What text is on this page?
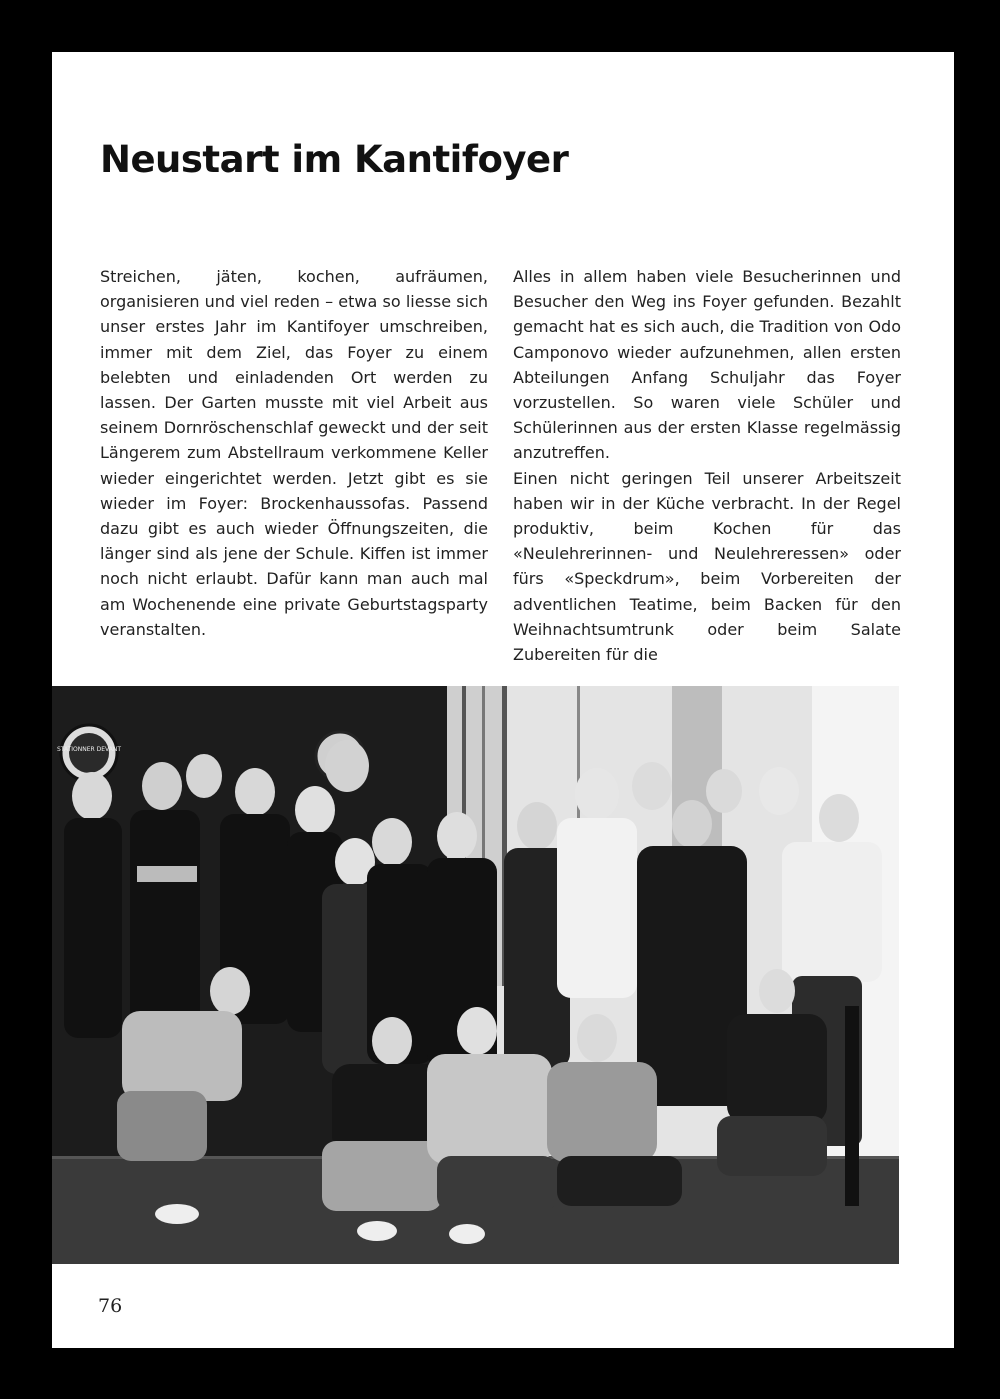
Neustart im Kantifoyer

Streichen, jäten, kochen, aufräumen, organisieren und viel reden – etwa so liesse sich unser erstes Jahr im Kantifoyer umschreiben, immer mit dem Ziel, das Foyer zu einem belebten und einladenden Ort werden zu lassen. Der Garten musste mit viel Arbeit aus seinem Dornröschenschlaf geweckt und der seit Längerem zum Abstellraum verkommene Keller wieder eingerichtet werden. Jetzt gibt es sie wieder im Foyer: Brockenhaussofas. Passend dazu gibt es auch wieder Öffnungszeiten, die länger sind als jene der Schule. Kiffen ist immer noch nicht erlaubt. Dafür kann man auch mal am Wochenende eine private Geburtstagsparty veranstalten.

Alles in allem haben viele Besucherinnen und Besucher den Weg ins Foyer gefunden. Bezahlt gemacht hat es sich auch, die Tradition von Odo Camponovo wieder aufzunehmen, allen ersten Abteilungen Anfang Schuljahr das Foyer vorzustellen. So waren viele Schüler und Schülerinnen aus der ersten Klasse regelmässig anzutreffen.

Einen nicht geringen Teil unserer Arbeitszeit haben wir in der Küche verbracht. In der Regel produktiv, beim Kochen für das «Neulehrerinnen- und Neulehreressen» oder fürs «Speckdrum», beim Vorbereiten der adventlichen Teatime, beim Backen für den Weihnachtsumtrunk oder beim Salate Zubereiten für die

STATIONNER DEVANT
76
